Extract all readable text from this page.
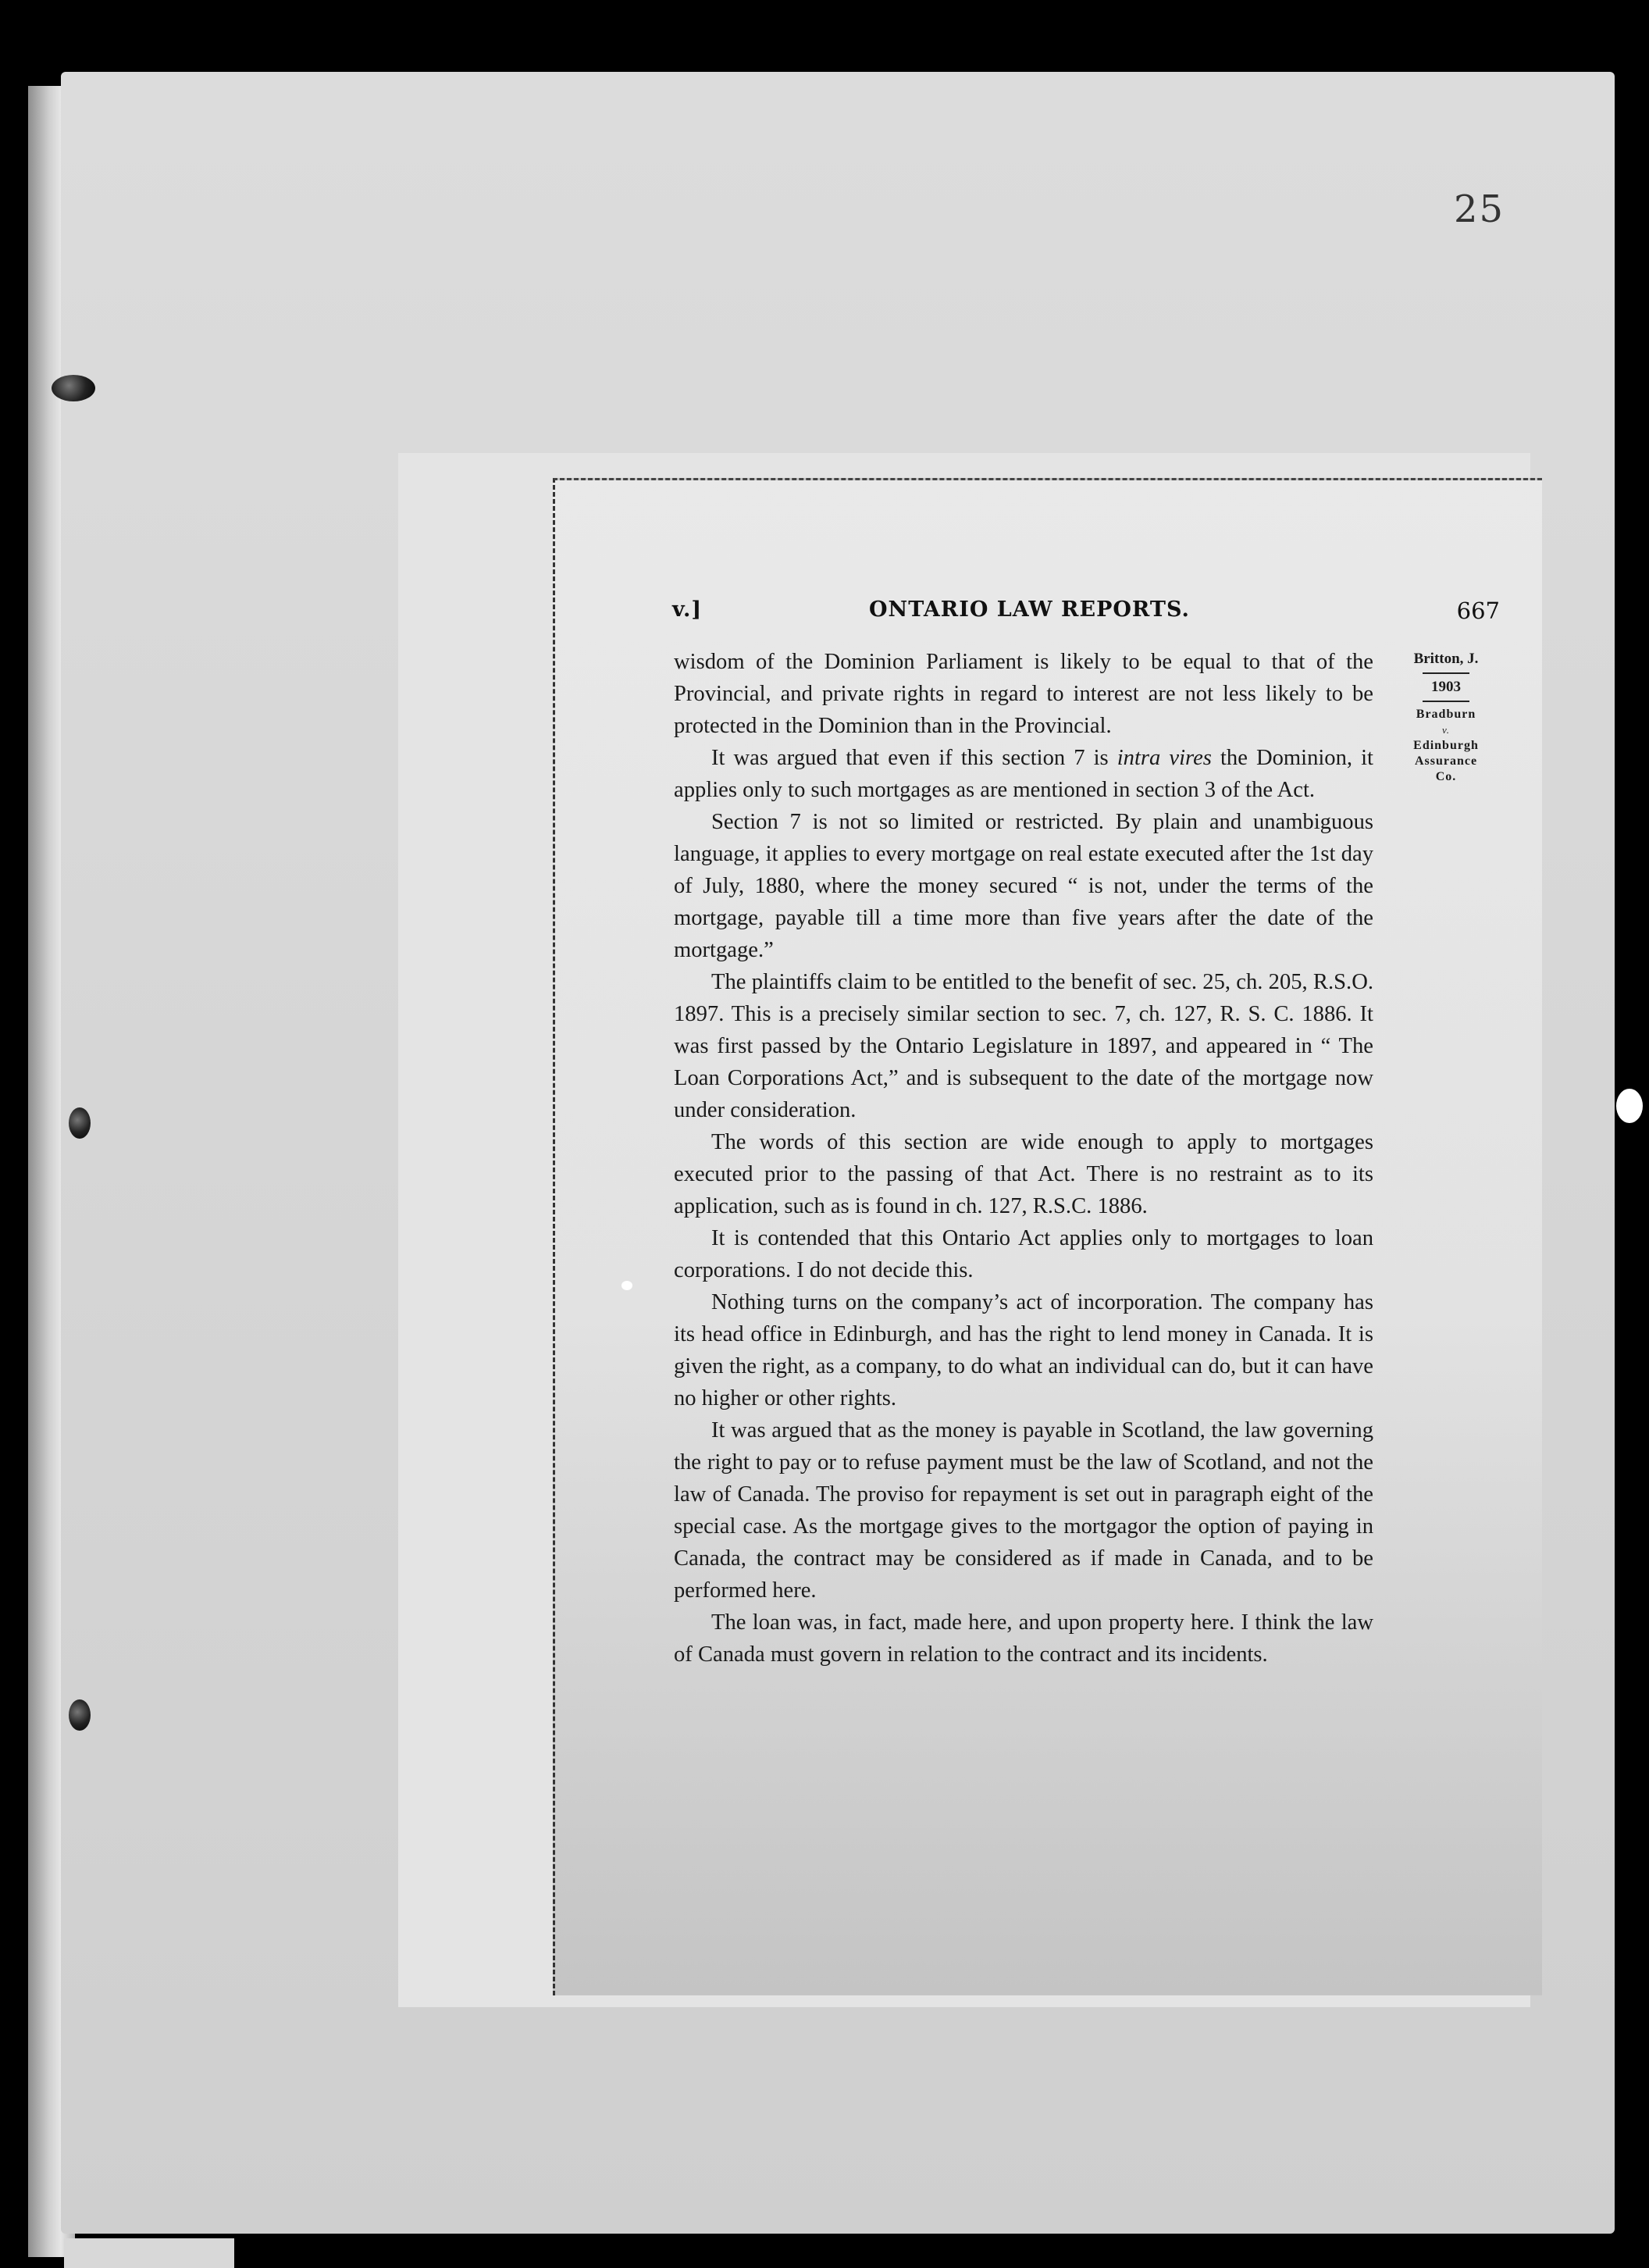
25
v.]	ONTARIO LAW REPORTS.	667

wisdom of the Dominion Parliament is likely to be equal to that of the Provincial, and private rights in regard to interest are not less likely to be protected in the Dominion than in the Provincial.

It was argued that even if this section 7 is intra vires the Dominion, it applies only to such mortgages as are mentioned in section 3 of the Act.

Section 7 is not so limited or restricted. By plain and unambiguous language, it applies to every mortgage on real estate executed after the 1st day of July, 1880, where the money secured “ is not, under the terms of the mortgage, payable till a time more than five years after the date of the mortgage.”

The plaintiffs claim to be entitled to the benefit of sec. 25, ch. 205, R.S.O. 1897. This is a precisely similar section to sec. 7, ch. 127, R. S. C. 1886. It was first passed by the Ontario Legislature in 1897, and appeared in “ The Loan Corporations Act,” and is subsequent to the date of the mortgage now under consideration.

The words of this section are wide enough to apply to mortgages executed prior to the passing of that Act. There is no restraint as to its application, such as is found in ch. 127, R.S.C. 1886.

It is contended that this Ontario Act applies only to mortgages to loan corporations. I do not decide this.

Nothing turns on the company’s act of incorporation. The company has its head office in Edinburgh, and has the right to lend money in Canada. It is given the right, as a company, to do what an individual can do, but it can have no higher or other rights.

It was argued that as the money is payable in Scotland, the law governing the right to pay or to refuse payment must be the law of Scotland, and not the law of Canada. The proviso for repayment is set out in paragraph eight of the special case. As the mortgage gives to the mortgagor the option of paying in Canada, the contract may be considered as if made in Canada, and to be performed here.

The loan was, in fact, made here, and upon property here. I think the law of Canada must govern in relation to the contract and its incidents.

Britton, J.
1903
Bradburn
v.
Edinburgh
Assurance
Co.
